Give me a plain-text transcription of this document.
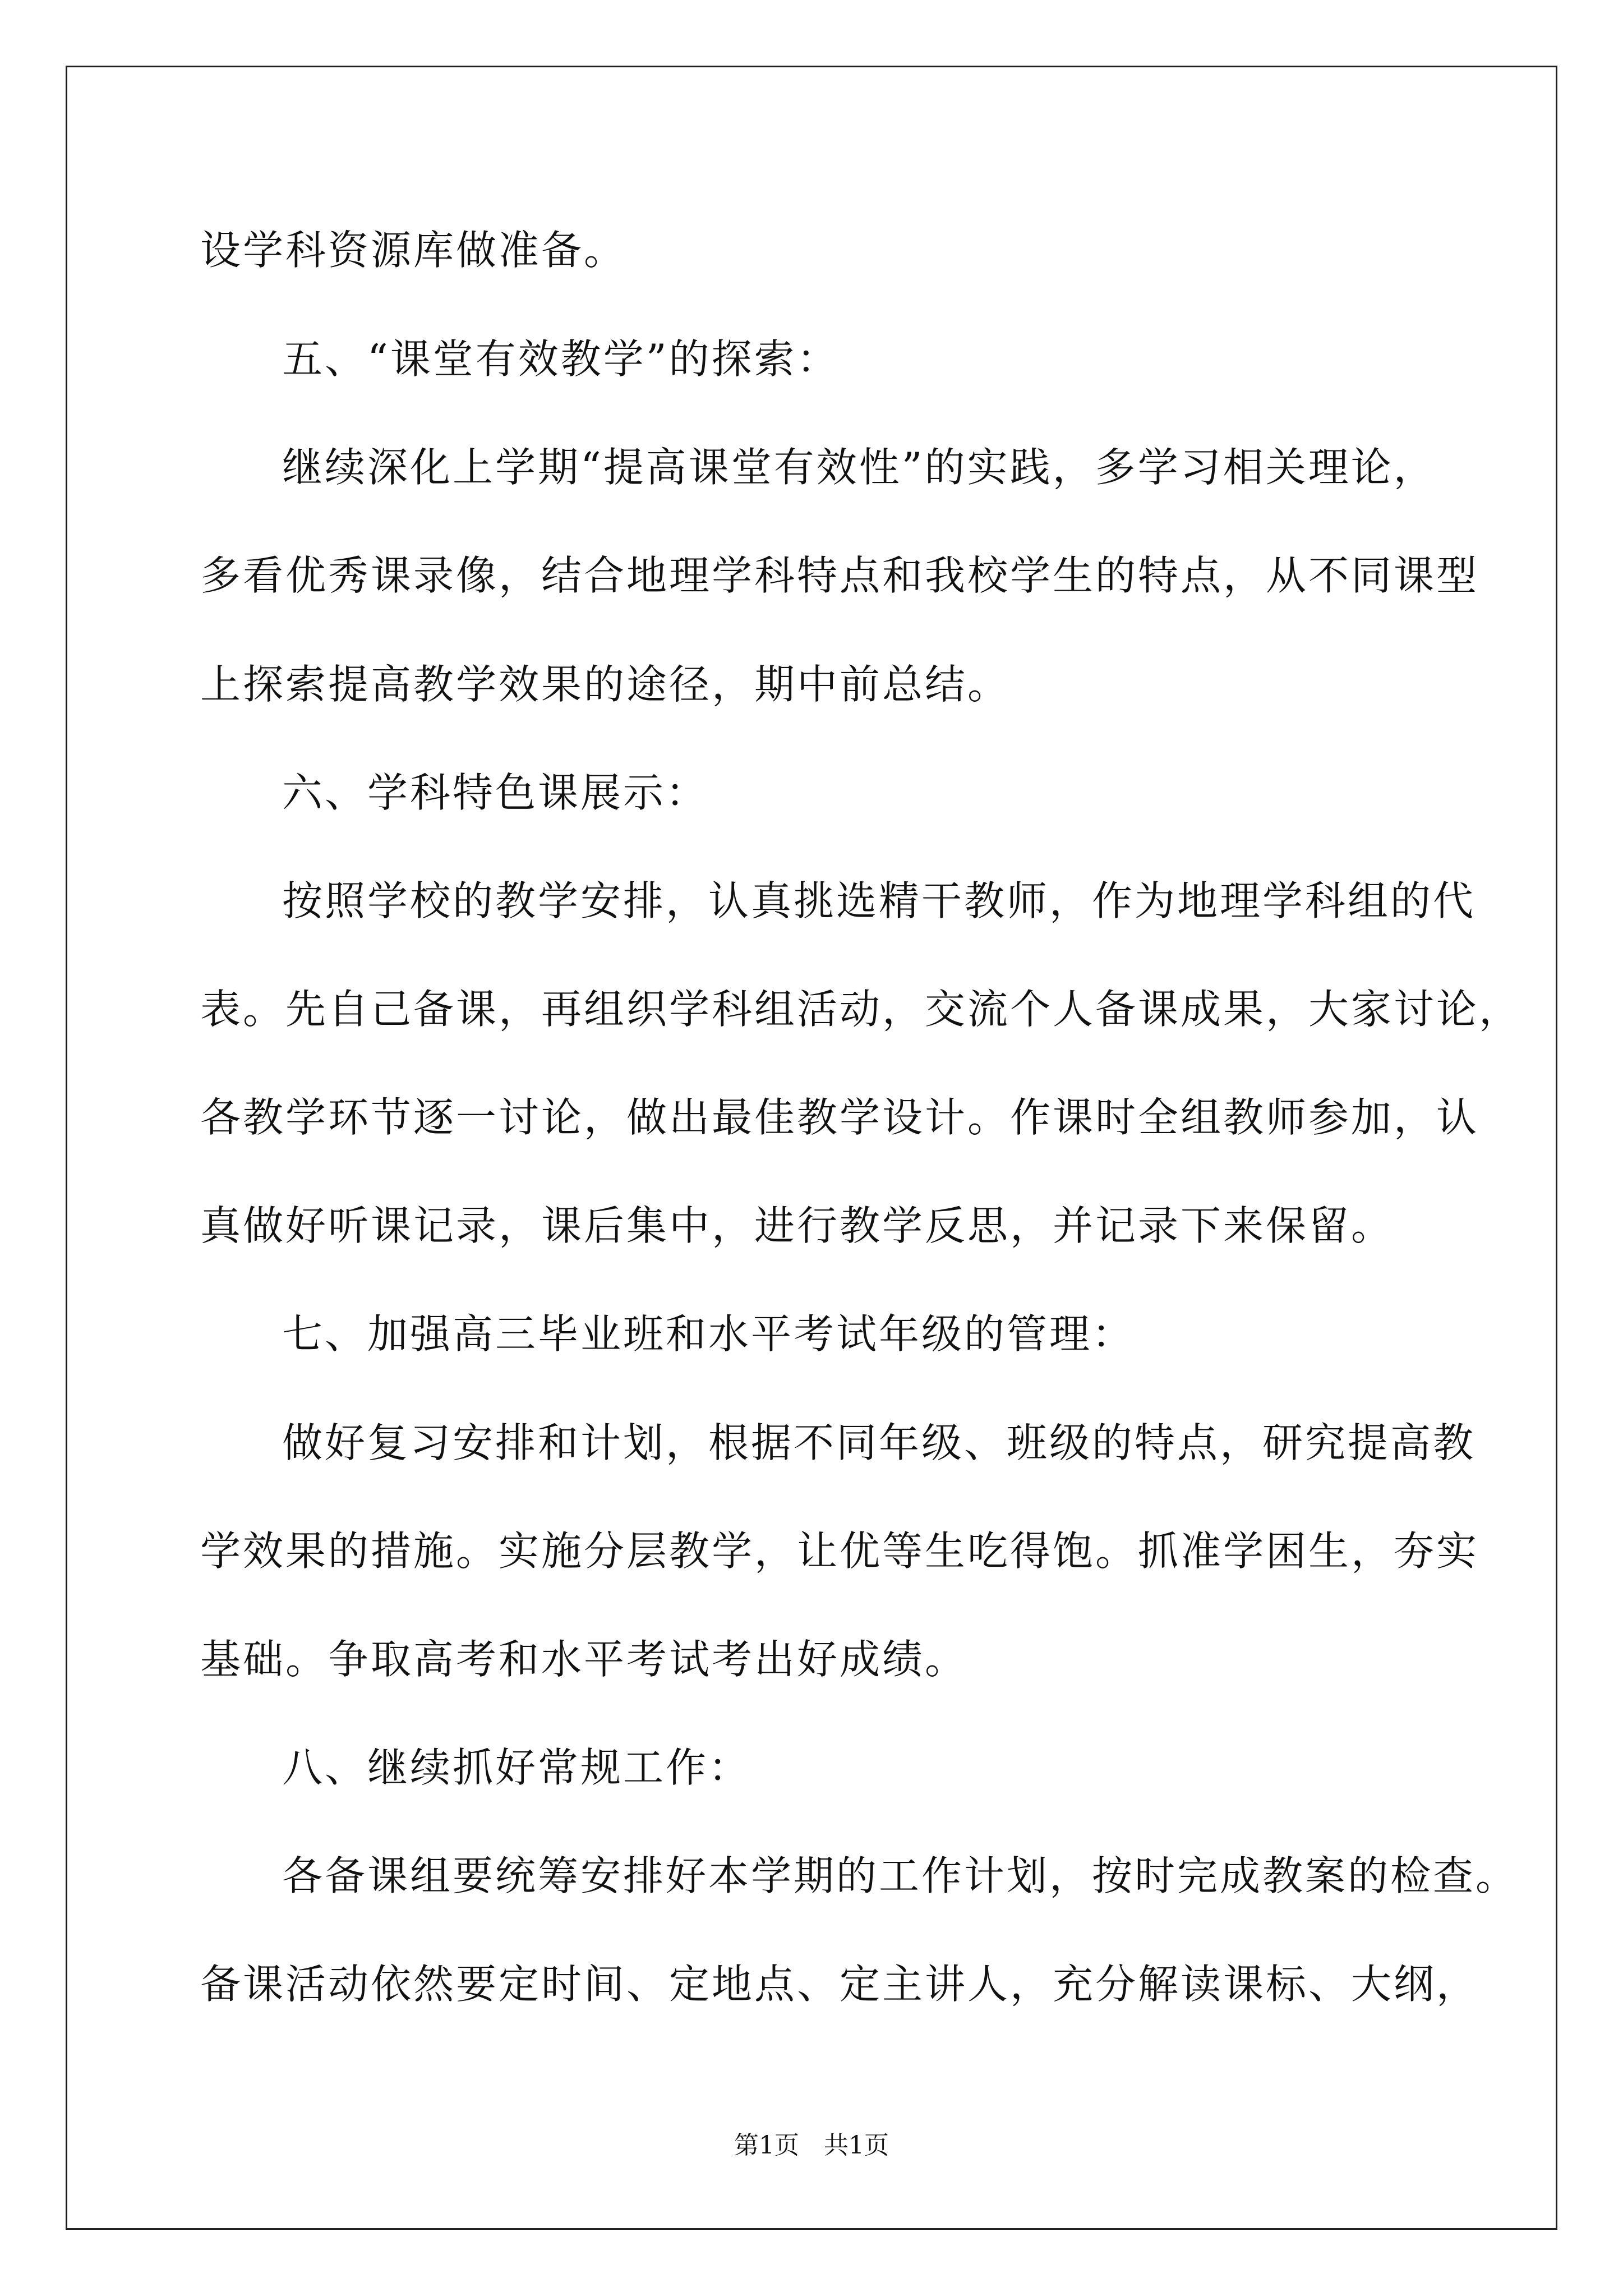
设学科资源库做准备。
五、“课堂有效教学”的探索：
继续深化上学期“提高课堂有效性”的实践，多学习相关理论，
多看优秀课录像，结合地理学科特点和我校学生的特点，从不同课型
上探索提高教学效果的途径，期中前总结。
六、学科特色课展示：
按照学校的教学安排，认真挑选精干教师，作为地理学科组的代
表。先自己备课，再组织学科组活动，交流个人备课成果，大家讨论，
各教学环节逐一讨论，做出最佳教学设计。作课时全组教师参加，认
真做好听课记录，课后集中，进行教学反思，并记录下来保留。
七、加强高三毕业班和水平考试年级的管理：
做好复习安排和计划，根据不同年级、班级的特点，研究提高教
学效果的措施。实施分层教学，让优等生吃得饱。抓准学困生，夯实
基础。争取高考和水平考试考出好成绩。
八、继续抓好常规工作：
各备课组要统筹安排好本学期的工作计划，按时完成教案的检查。
备课活动依然要定时间、定地点、定主讲人，充分解读课标、大纲，
第1页　共1页
